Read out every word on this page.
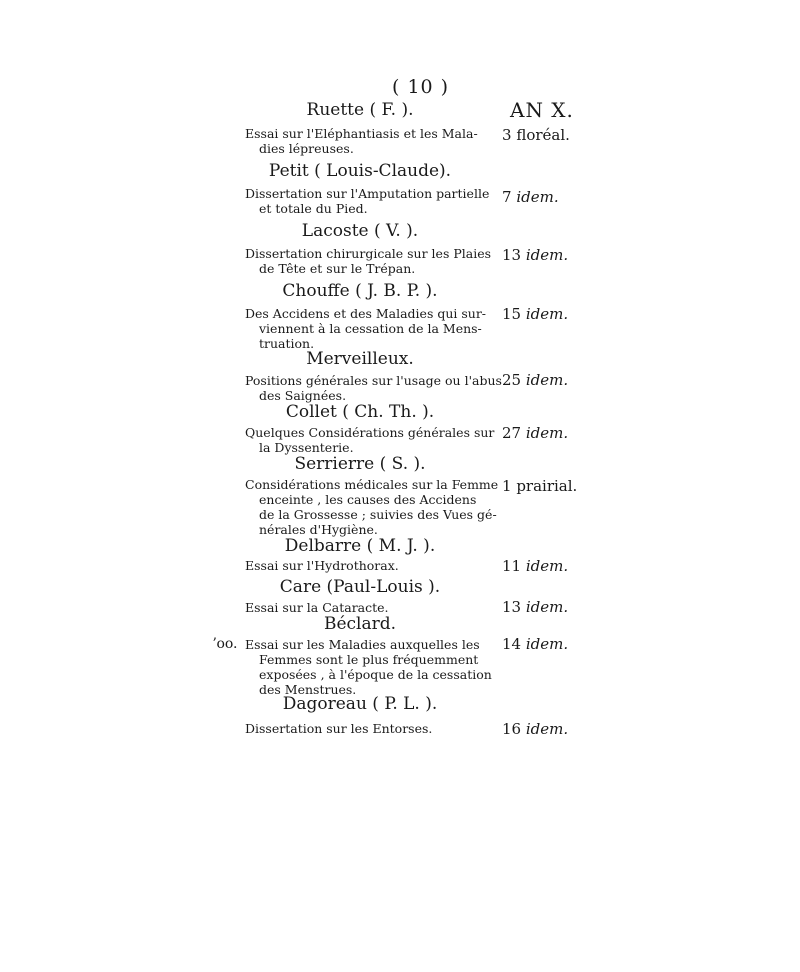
( 10 )
AN X.
ʼoo.
Ruette ( F. ).
Essai sur l'Eléphantiasis et les Mala-
dies lépreuses.
3 floréal.
Petit ( Louis-Claude).
Dissertation sur l'Amputation partielle
et totale du Pied.
7 idem.
Lacoste ( V. ).
Dissertation chirurgicale sur les Plaies
de Tête et sur le Trépan.
13 idem.
Chouffe ( J. B. P. ).
Des Accidens et des Maladies qui sur-
viennent à la cessation de la Mens-
truation.
15 idem.
Merveilleux.
Positions générales sur l'usage ou l'abus
des Saignées.
25 idem.
Collet ( Ch. Th. ).
Quelques Considérations générales sur
la Dyssenterie.
27 idem.
Serrierre ( S. ).
Considérations médicales sur la Femme
enceinte , les causes des Accidens
de la Grossesse ; suivies des Vues gé-
nérales d'Hygiène.
1 prairial.
Delbarre ( M. J. ).
Essai sur l'Hydrothorax.	11 idem.
Care (Paul-Louis ).
Essai sur la Cataracte.	13 idem.
Béclard.
Essai sur les Maladies auxquelles les
Femmes sont le plus fréquemment
exposées , à l'époque de la cessation
des Menstrues.
14 idem.
Dagoreau ( P. L. ).
Dissertation sur les Entorses.	16 idem.
